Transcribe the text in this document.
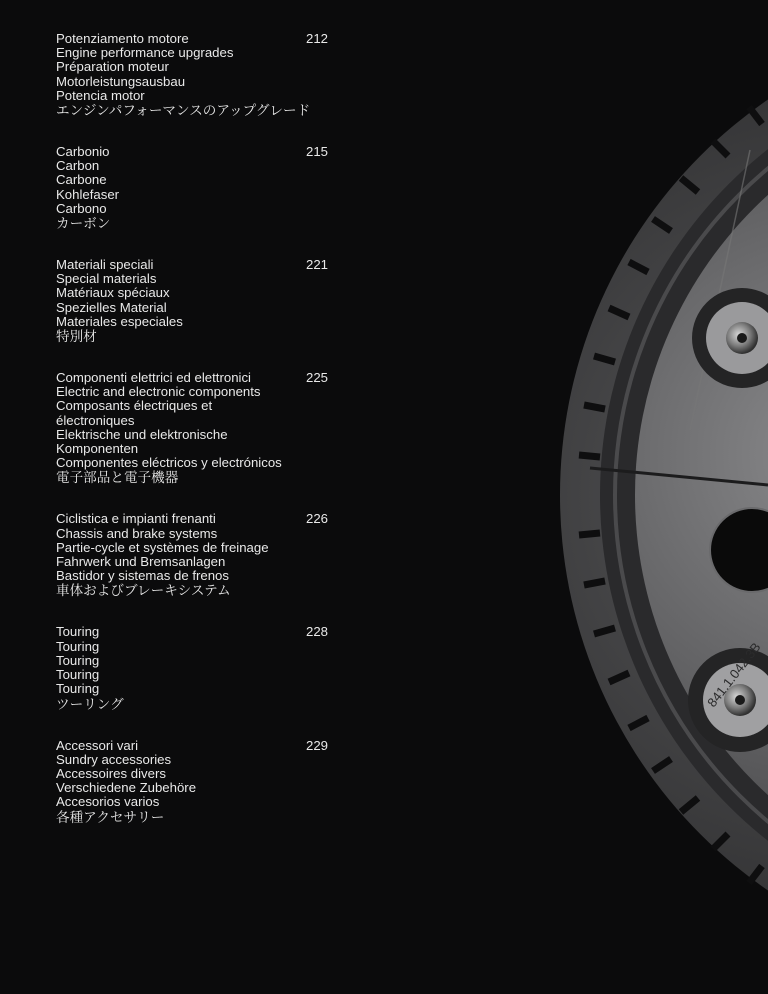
212
Potenziamento motore
Engine performance upgrades
Préparation moteur
Motorleistungsausbau
Potencia motor
エンジンパフォーマンスのアップグレード
215
Carbonio
Carbon
Carbone
Kohlefaser
Carbono
カーボン
221
Materiali speciali
Special materials
Matériaux spéciaux
Spezielles Material
Materiales especiales
特別材
225
Componenti elettrici ed elettronici
Electric and electronic components
Composants électriques et électroniques
Elektrische und elektronische Komponenten
Componentes eléctricos y electrónicos
電子部品と電子機器
226
Ciclistica e impianti frenanti
Chassis and brake systems
Partie-cycle et systèmes de freinage
Fahrwerk und Bremsanlagen
Bastidor y sistemas de frenos
車体およびブレーキシステム
228
Touring
Touring
Touring
Touring
Touring
ツーリング
229
Accessori vari
Sundry accessories
Accessoires divers
Verschiedene Zubehöre
Accesorios varios
各種アクセサリー
